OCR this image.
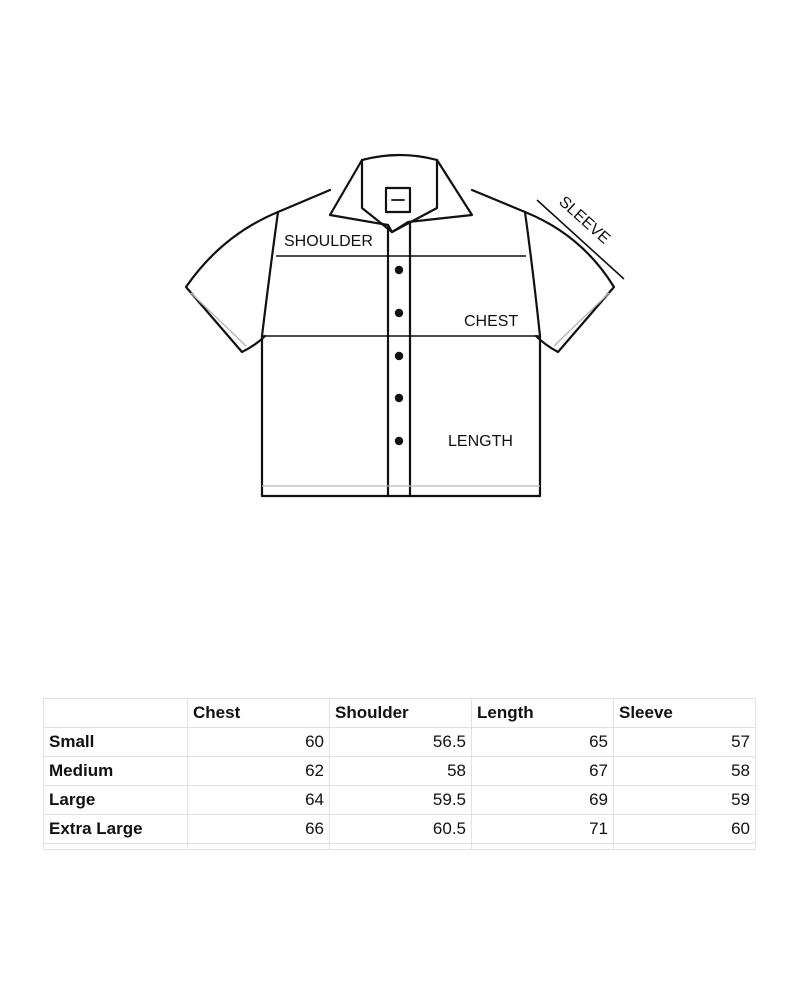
SHOULDER
CHEST
LENGTH
SLEEVE
	Chest	Shoulder	Length	Sleeve
Small	60	56.5	65	57
Medium	62	58	67	58
Large	64	59.5	69	59
Extra Large	66	60.5	71	60
